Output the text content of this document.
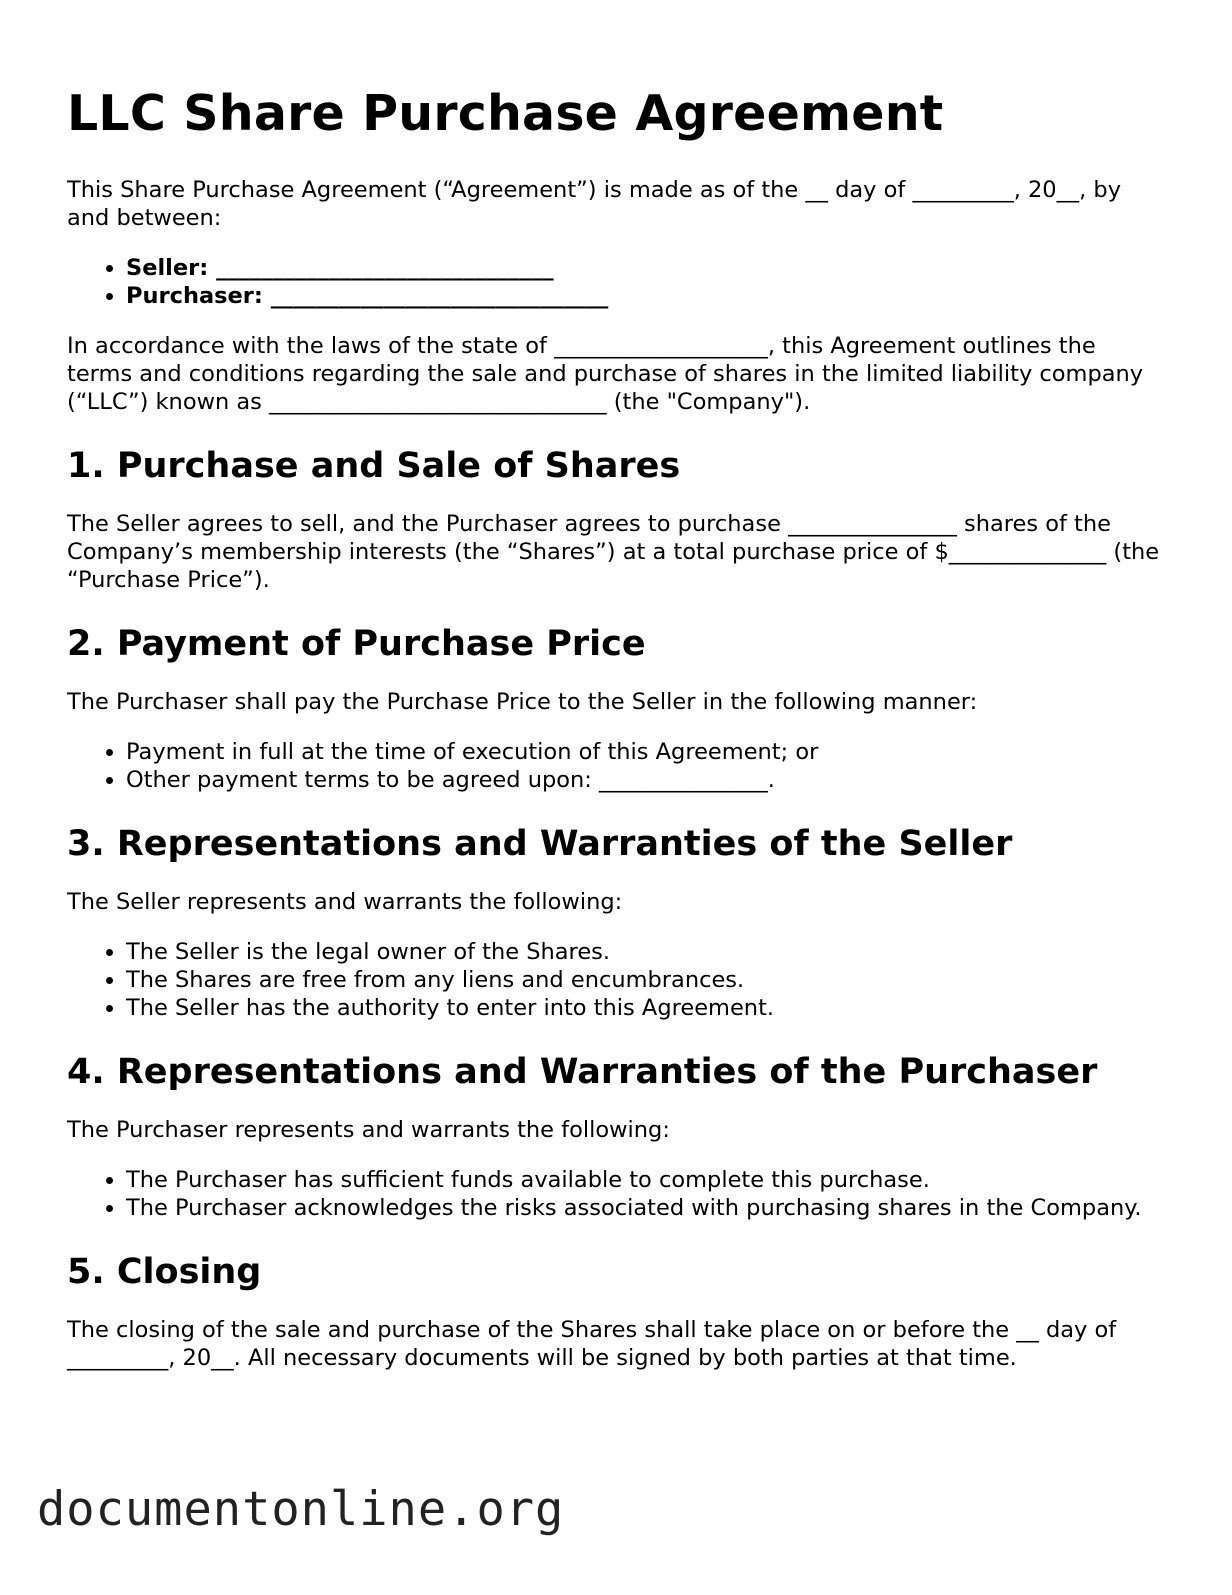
LLC Share Purchase Agreement

This Share Purchase Agreement (“Agreement”) is made as of the __ day of _________, 20__, by and between:

• Seller: ______________________________
• Purchaser: ______________________________

In accordance with the laws of the state of ___________________, this Agreement outlines the terms and conditions regarding the sale and purchase of shares in the limited liability company (“LLC”) known as ______________________________ (the "Company").

1. Purchase and Sale of Shares

The Seller agrees to sell, and the Purchaser agrees to purchase _______________ shares of the Company’s membership interests (the “Shares”) at a total purchase price of $______________ (the “Purchase Price”).

2. Payment of Purchase Price

The Purchaser shall pay the Purchase Price to the Seller in the following manner:

• Payment in full at the time of execution of this Agreement; or
• Other payment terms to be agreed upon: _______________.
3. Representations and Warranties of the Seller

The Seller represents and warrants the following:

• The Seller is the legal owner of the Shares.
• The Shares are free from any liens and encumbrances.
• The Seller has the authority to enter into this Agreement.
4. Representations and Warranties of the Purchaser

The Purchaser represents and warrants the following:

• The Purchaser has sufficient funds available to complete this purchase.
• The Purchaser acknowledges the risks associated with purchasing shares in the Company.
5. Closing

The closing of the sale and purchase of the Shares shall take place on or before the __ day of _________, 20__. All necessary documents will be signed by both parties at that time.

documentonline.org
